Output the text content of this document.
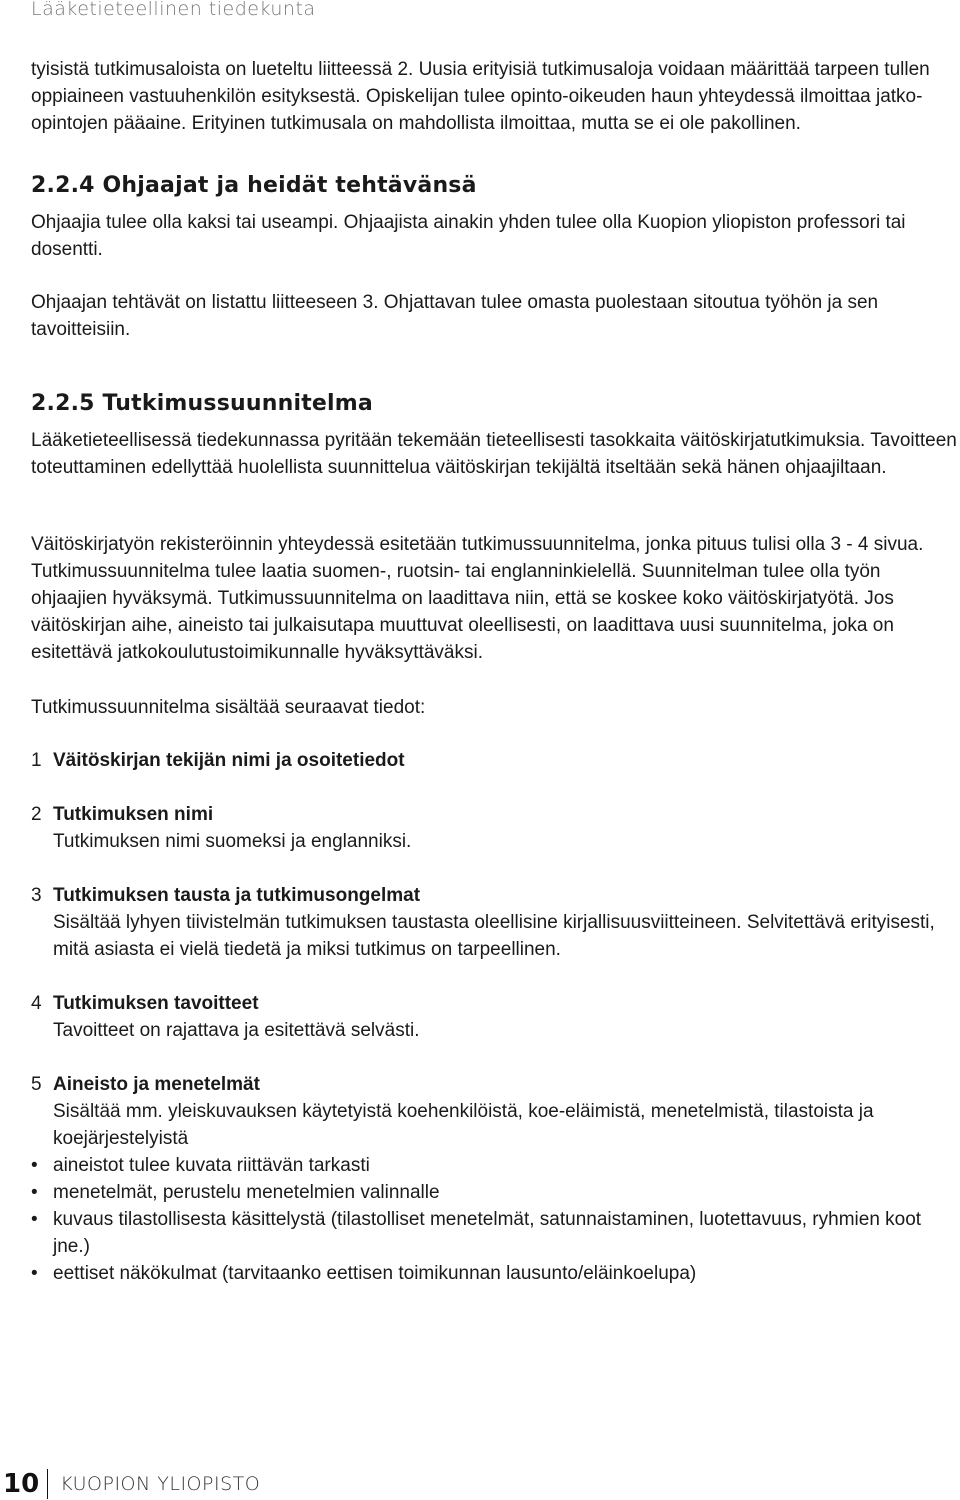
Lääketieteellinen tiedekunta

tyisistä tutkimusaloista on lueteltu liitteessä 2. Uusia erityisiä tutkimusaloja voidaan määrittää tarpeen tullen oppiaineen vastuuhenkilön esityksestä. Opiskelijan tulee opinto-oikeuden haun yhteydessä ilmoittaa jatko-opintojen pääaine. Erityinen tutkimusala on mahdollista ilmoittaa, mutta se ei ole pakollinen.

2.2.4 Ohjaajat ja heidät tehtävänsä

Ohjaajia tulee olla kaksi tai useampi. Ohjaajista ainakin yhden tulee olla Kuopion yliopiston professori tai dosentti.

Ohjaajan tehtävät on listattu liitteeseen 3. Ohjattavan tulee omasta puolestaan sitoutua työhön ja sen tavoitteisiin.

2.2.5 Tutkimussuunnitelma

Lääketieteellisessä tiedekunnassa pyritään tekemään tieteellisesti tasokkaita väitöskirjatutkimuksia. Tavoitteen toteuttaminen edellyttää huolellista suunnittelua väitöskirjan tekijältä itseltään sekä hänen ohjaajiltaan.

Väitöskirjatyön rekisteröinnin yhteydessä esitetään tutkimussuunnitelma, jonka pituus tulisi olla 3 - 4 sivua. Tutkimussuunnitelma tulee laatia suomen-, ruotsin- tai englanninkielellä. Suunnitelman tulee olla työn ohjaajien hyväksymä. Tutkimussuunnitelma on laadittava niin, että se koskee koko väitöskirjatyötä. Jos väitöskirjan aihe, aineisto tai julkaisutapa muuttuvat oleellisesti, on laadittava uusi suunnitelma, joka on esitettävä jatkokoulutustoimikunnalle hyväksyttäväksi.

Tutkimussuunnitelma sisältää seuraavat tiedot:

1 Väitöskirjan tekijän nimi ja osoitetiedot
2 Tutkimuksen nimi
Tutkimuksen nimi suomeksi ja englanniksi.
3 Tutkimuksen tausta ja tutkimusongelmat
Sisältää lyhyen tiivistelmän tutkimuksen taustasta oleellisine kirjallisuusviitteineen. Selvitettävä erityisesti, mitä asiasta ei vielä tiedetä ja miksi tutkimus on tarpeellinen.
4 Tutkimuksen tavoitteet
Tavoitteet on rajattava ja esitettävä selvästi.
5 Aineisto ja menetelmät
Sisältää mm. yleiskuvauksen käytetyistä koehenkilöistä, koe-eläimistä, menetelmistä, tilastoista ja koejärjestelyistä
• aineistot tulee kuvata riittävän tarkasti
• menetelmät, perustelu menetelmien valinnalle
• kuvaus tilastollisesta käsittelystä (tilastolliset menetelmät, satunnaistaminen, luotettavuus, ryhmien koot jne.)
• eettiset näkökulmat (tarvitaanko eettisen toimikunnan lausunto/eläinkoelupa)
10 KUOPION YLIOPISTO
